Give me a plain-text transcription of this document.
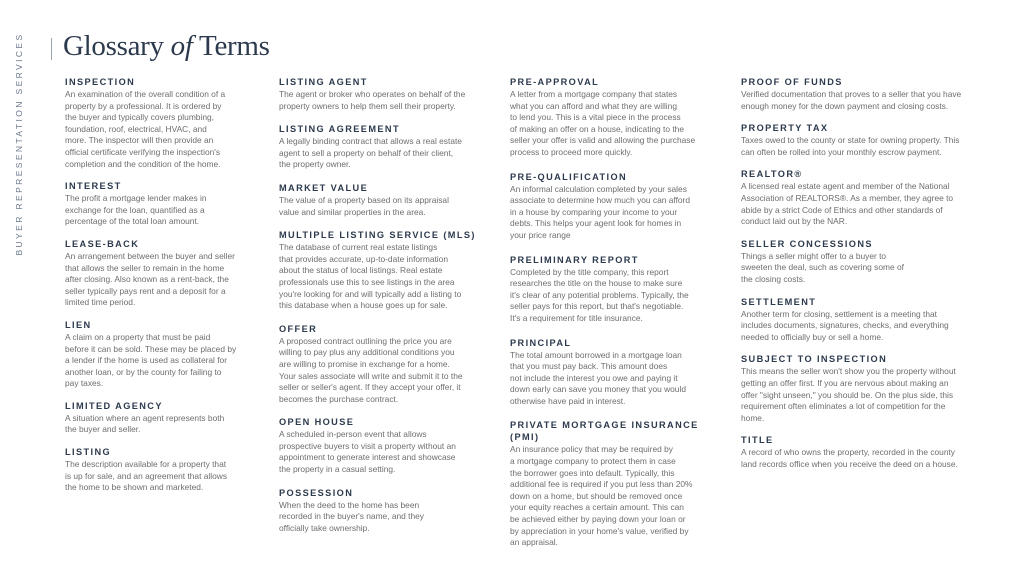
BUYER REPRESENTATION SERVICES Glossary of Terms
INSPECTION
An examination of the overall condition of a
property by a professional. It is ordered by
the buyer and typically covers plumbing,
foundation, roof, electrical, HVAC, and
more. The inspector will then provide an
official certificate verifying the inspection's
completion and the condition of the home.
INTEREST
The profit a mortgage lender makes in
exchange for the loan, quantified as a
percentage of the total loan amount.
LEASE-BACK
An arrangement between the buyer and seller
that allows the seller to remain in the home
after closing. Also known as a rent-back, the
seller typically pays rent and a deposit for a
limited time period.
LIEN
A claim on a property that must be paid
before it can be sold. These may be placed by
a lender if the home is used as collateral for
another loan, or by the county for failing to
pay taxes.
LIMITED AGENCY
A situation where an agent represents both
the buyer and seller.
LISTING
The description available for a property that
is up for sale, and an agreement that allows
the home to be shown and marketed.
LISTING AGENT
The agent or broker who operates on behalf of the
property owners to help them sell their property.
LISTING AGREEMENT
A legally binding contract that allows a real estate
agent to sell a property on behalf of their client,
the property owner.
MARKET VALUE
The value of a property based on its appraisal
value and similar properties in the area.
MULTIPLE LISTING SERVICE (MLS)
The database of current real estate listings
that provides accurate, up-to-date information
about the status of local listings. Real estate
professionals use this to see listings in the area
you're looking for and will typically add a listing to
this database when a house goes up for sale.
OFFER
A proposed contract outlining the price you are
willing to pay plus any additional conditions you
are willing to promise in exchange for a home.
Your sales associate will write and submit it to the
seller or seller's agent. If they accept your offer, it
becomes the purchase contract.
OPEN HOUSE
A scheduled in-person event that allows
prospective buyers to visit a property without an
appointment to generate interest and showcase
the property in a casual setting.
POSSESSION
When the deed to the home has been
recorded in the buyer's name, and they
officially take ownership.
PRE-APPROVAL
A letter from a mortgage company that states
what you can afford and what they are willing
to lend you. This is a vital piece in the process
of making an offer on a house, indicating to the
seller your offer is valid and allowing the purchase
process to proceed more quickly.
PRE-QUALIFICATION
An informal calculation completed by your sales
associate to determine how much you can afford
in a house by comparing your income to your
debts. This helps your agent look for homes in
your price range
PRELIMINARY REPORT
Completed by the title company, this report
researches the title on the house to make sure
it's clear of any potential problems. Typically, the
seller pays for this report, but that's negotiable.
It's a requirement for title insurance.
PRINCIPAL
The total amount borrowed in a mortgage loan
that you must pay back. This amount does
not include the interest you owe and paying it
down early can save you money that you would
otherwise have paid in interest.
PRIVATE MORTGAGE INSURANCE (PMI)
An insurance policy that may be required by
a mortgage company to protect them in case
the borrower goes into default. Typically, this
additional fee is required if you put less than 20%
down on a home, but should be removed once
your equity reaches a certain amount. This can
be achieved either by paying down your loan or
by appreciation in your home's value, verified by
an appraisal.
PROOF OF FUNDS
Verified documentation that proves to a seller that you have
enough money for the down payment and closing costs.
PROPERTY TAX
Taxes owed to the county or state for owning property. This
can often be rolled into your monthly escrow payment.
REALTOR®
A licensed real estate agent and member of the National
Association of REALTORS®. As a member, they agree to
abide by a strict Code of Ethics and other standards of
conduct laid out by the NAR.
SELLER CONCESSIONS
Things a seller might offer to a buyer to
sweeten the deal, such as covering some of
the closing costs.
SETTLEMENT
Another term for closing, settlement is a meeting that
includes documents, signatures, checks, and everything
needed to officially buy or sell a home.
SUBJECT TO INSPECTION
This means the seller won't show you the property without
getting an offer first. If you are nervous about making an
offer "sight unseen," you should be. On the plus side, this
requirement often eliminates a lot of competition for the
home.
TITLE
A record of who owns the property, recorded in the county
land records office when you receive the deed on a house.
